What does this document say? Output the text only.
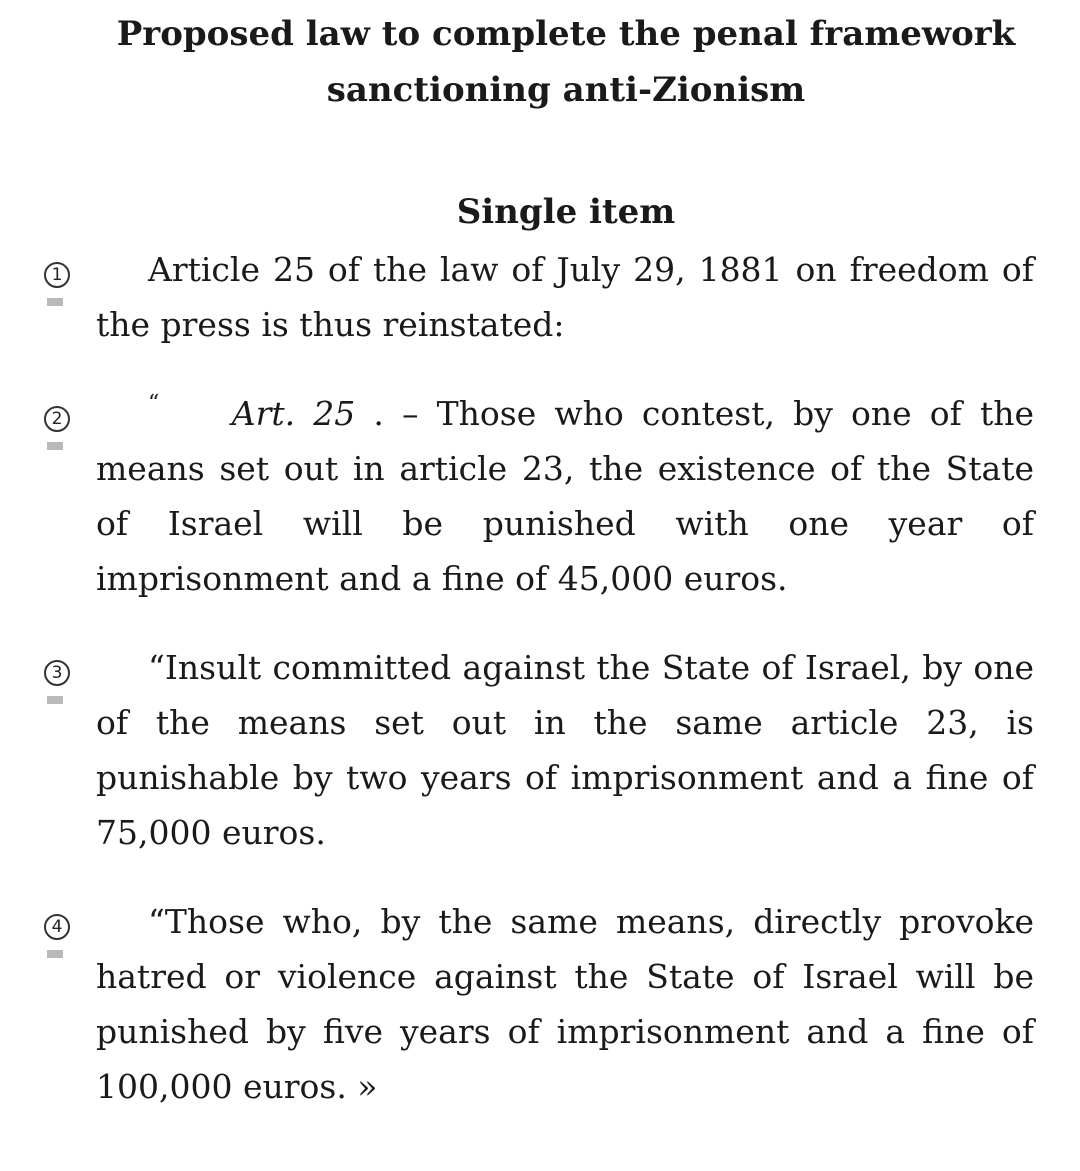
Proposed law to complete the penal framework
sanctioning anti-Zionism
Single item
1	Article 25 of the law of July 29, 1881 on freedom of the press is thus reinstated:

2

“ Art. 25 . – Those who contest, by one of the means set out in article 23, the existence of the State of Israel will be punished with one year of imprisonment and a fine of 45,000 euros.

3	“Insult committed against the State of Israel, by one of the means set out in the same article 23, is punishable by two years of imprisonment and a fine of 75,000 euros.

4	“Those who, by the same means, directly provoke hatred or violence against the State of Israel will be punished by five years of imprisonment and a fine of 100,000 euros. »
